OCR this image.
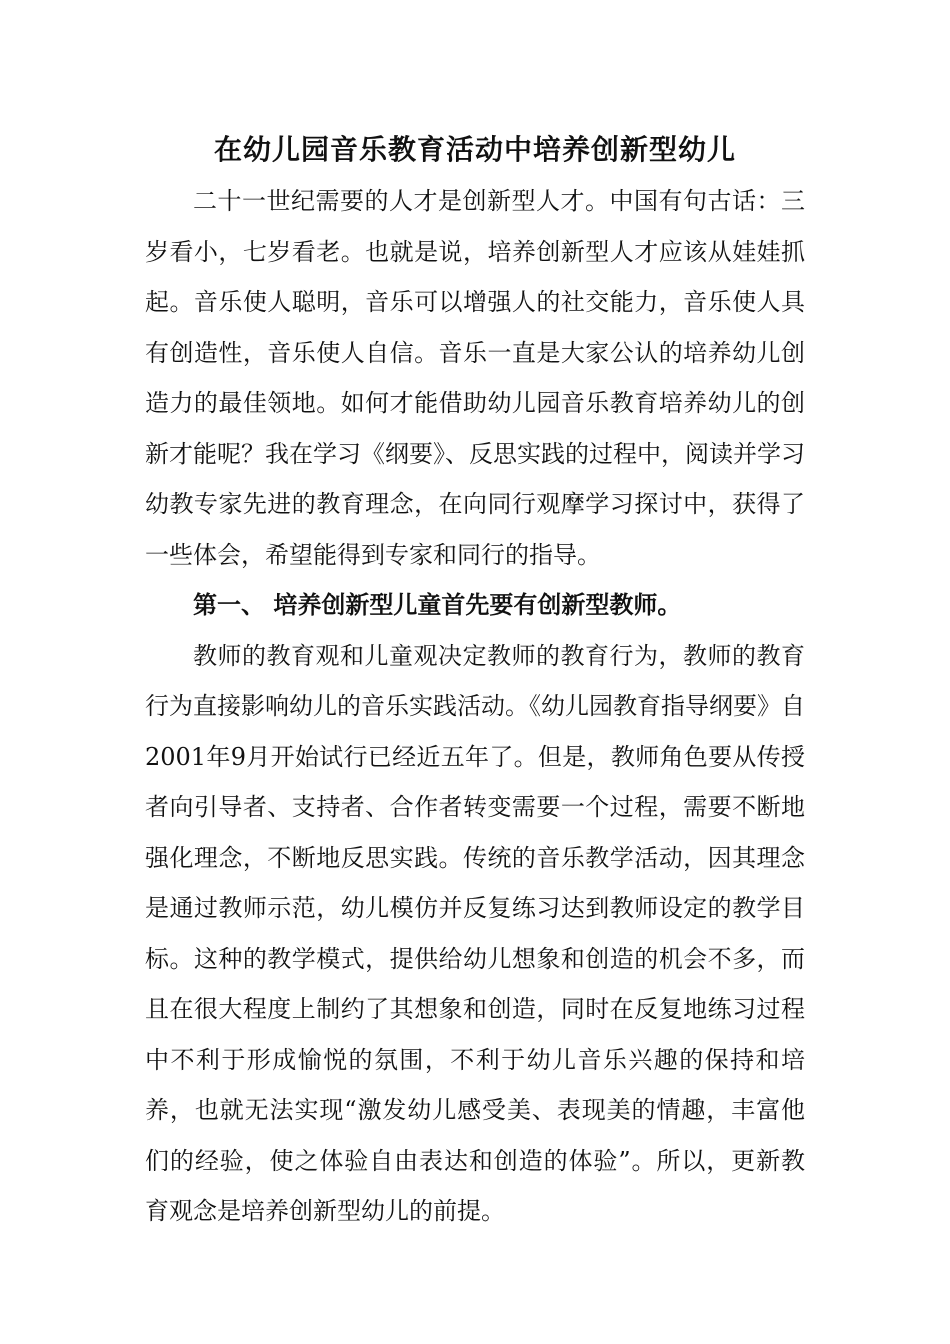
在幼儿园音乐教育活动中培养创新型幼儿

二十一世纪需要的人才是创新型人才。中国有句古话：三岁看小，七岁看老。也就是说，培养创新型人才应该从娃娃抓起。音乐使人聪明，音乐可以增强人的社交能力，音乐使人具有创造性，音乐使人自信。音乐一直是大家公认的培养幼儿创造力的最佳领地。如何才能借助幼儿园音乐教育培养幼儿的创新才能呢？我在学习《纲要》、反思实践的过程中，阅读并学习幼教专家先进的教育理念，在向同行观摩学习探讨中，获得了一些体会，希望能得到专家和同行的指导。

第一、 培养创新型儿童首先要有创新型教师。

教师的教育观和儿童观决定教师的教育行为，教师的教育行为直接影响幼儿的音乐实践活动。《幼儿园教育指导纲要》自2001年9月开始试行已经近五年了。但是，教师角色要从传授者向引导者、支持者、合作者转变需要一个过程，需要不断地强化理念，不断地反思实践。传统的音乐教学活动，因其理念是通过教师示范，幼儿模仿并反复练习达到教师设定的教学目标。这种的教学模式，提供给幼儿想象和创造的机会不多，而且在很大程度上制约了其想象和创造，同时在反复地练习过程中不利于形成愉悦的氛围，不利于幼儿音乐兴趣的保持和培养，也就无法实现“激发幼儿感受美、表现美的情趣，丰富他们的经验，使之体验自由表达和创造的体验”。所以，更新教育观念是培养创新型幼儿的前提。
